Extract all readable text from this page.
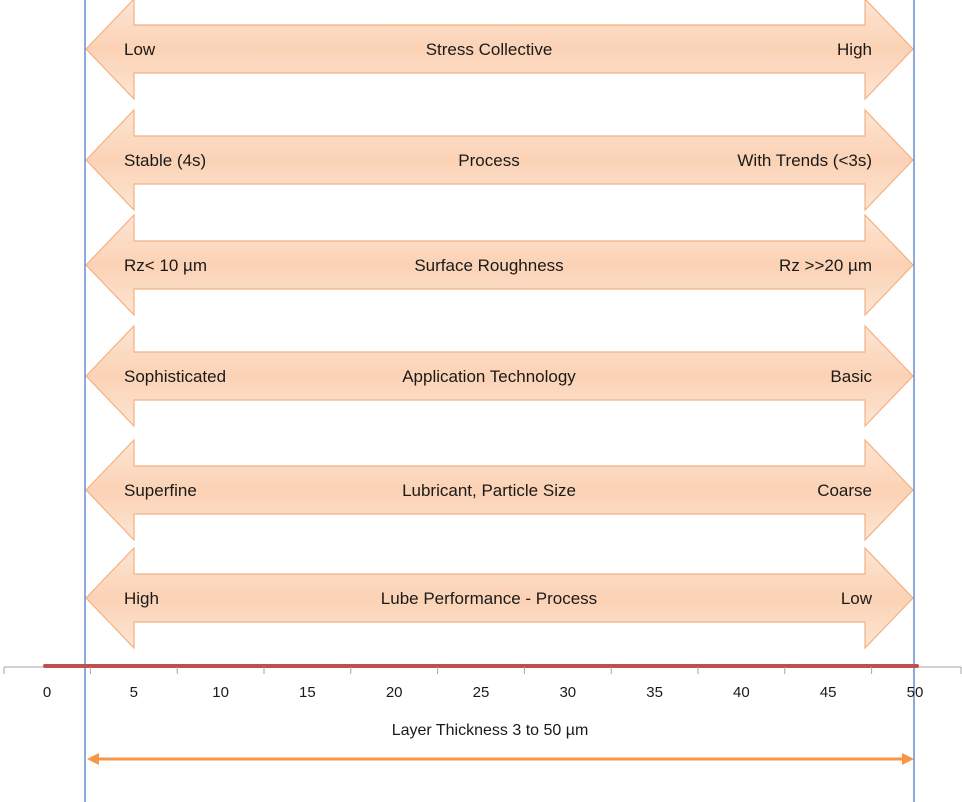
Low	Stress Collective	High
Stable (4s)	Process	With Trends (<3s)
Rz< 10 µm	Surface Roughness	Rz >>20 µm
Sophisticated	Application Technology	Basic
Superfine	Lubricant, Particle Size	Coarse
High	Lube Performance - Process	Low
0	5	10	15	20	25	30	35	40	45	50
Layer Thickness 3 to 50 µm
